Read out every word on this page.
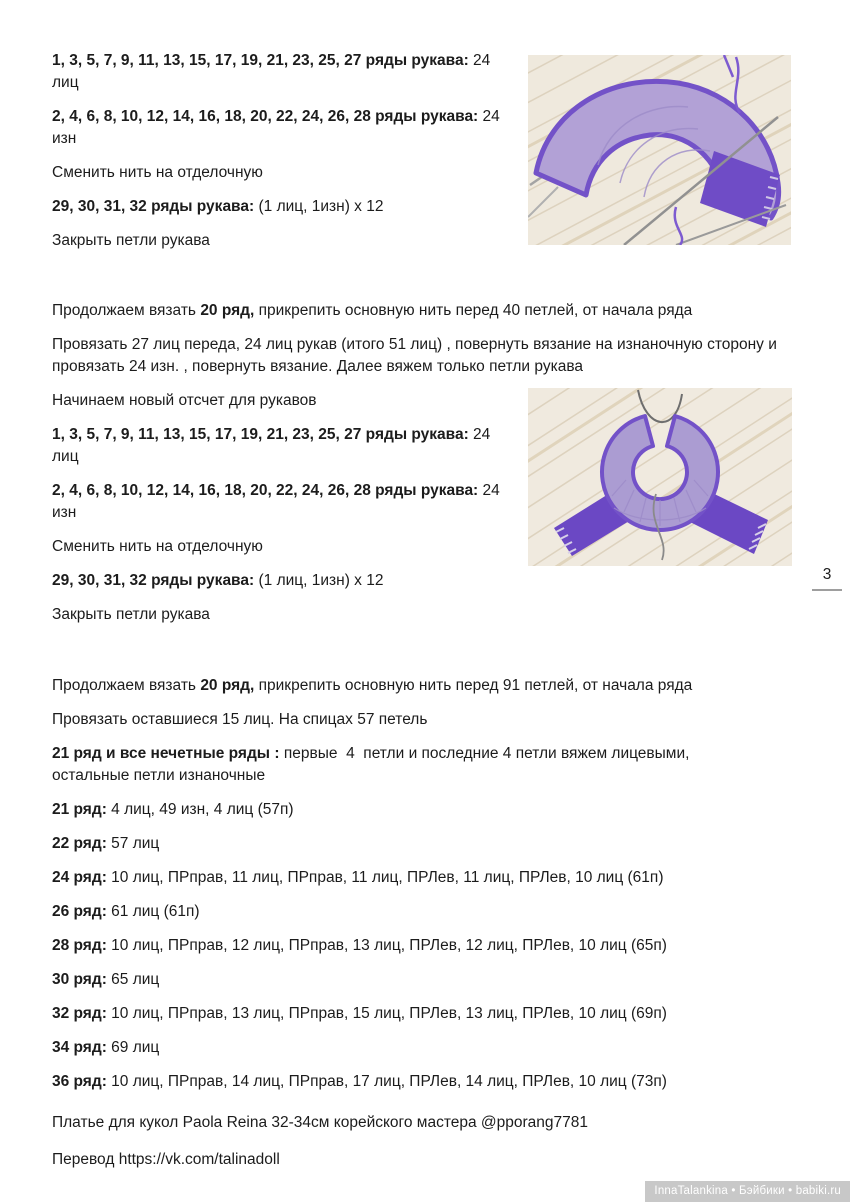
1, 3, 5, 7, 9, 11, 13, 15, 17, 19, 21, 23, 25, 27 ряды рукава: 24 лиц

2, 4, 6, 8, 10, 12, 14, 16, 18, 20, 22, 24, 26, 28 ряды рукава: 24 изн

Сменить нить на отделочную

29, 30, 31, 32 ряды рукава: (1 лиц, 1изн) х 12

Закрыть петли рукава

Продолжаем вязать 20 ряд, прикрепить основную нить перед 40 петлей, от начала ряда

Провязать 27 лиц переда, 24 лиц рукав (итого 51 лиц) , повернуть вязание на изнаночную сторону и провязать 24 изн. , повернуть вязание. Далее вяжем только петли рукава

Начинаем новый отсчет для рукавов

1, 3, 5, 7, 9, 11, 13, 15, 17, 19, 21, 23, 25, 27 ряды рукава: 24 лиц

2, 4, 6, 8, 10, 12, 14, 16, 18, 20, 22, 24, 26, 28 ряды рукава: 24 изн

Сменить нить на отделочную

29, 30, 31, 32 ряды рукава: (1 лиц, 1изн) х 12

Закрыть петли рукава

3

Продолжаем вязать 20 ряд, прикрепить основную нить перед 91 петлей, от начала ряда

Провязать оставшиеся 15 лиц. На спицах 57 петель

21 ряд и все нечетные ряды : первые  4  петли и последние 4 петли вяжем лицевыми, остальные петли изнаночные

21 ряд: 4 лиц, 49 изн, 4 лиц (57п)

22 ряд: 57 лиц

24 ряд: 10 лиц, ПРправ, 11 лиц, ПРправ, 11 лиц, ПРЛев, 11 лиц, ПРЛев, 10 лиц (61п)

26 ряд: 61 лиц (61п)

28 ряд: 10 лиц, ПРправ, 12 лиц, ПРправ, 13 лиц, ПРЛев, 12 лиц, ПРЛев, 10 лиц (65п)

30 ряд: 65 лиц

32 ряд: 10 лиц, ПРправ, 13 лиц, ПРправ, 15 лиц, ПРЛев, 13 лиц, ПРЛев, 10 лиц (69п)

34 ряд: 69 лиц

36 ряд: 10 лиц, ПРправ, 14 лиц, ПРправ, 17 лиц, ПРЛев, 14 лиц, ПРЛев, 10 лиц (73п)

Платье для кукол Paola Reina 32-34см корейского мастера @pporang7781

Перевод https://vk.com/talinadoll

InnaTalankina • Бэйбики • babiki.ru
